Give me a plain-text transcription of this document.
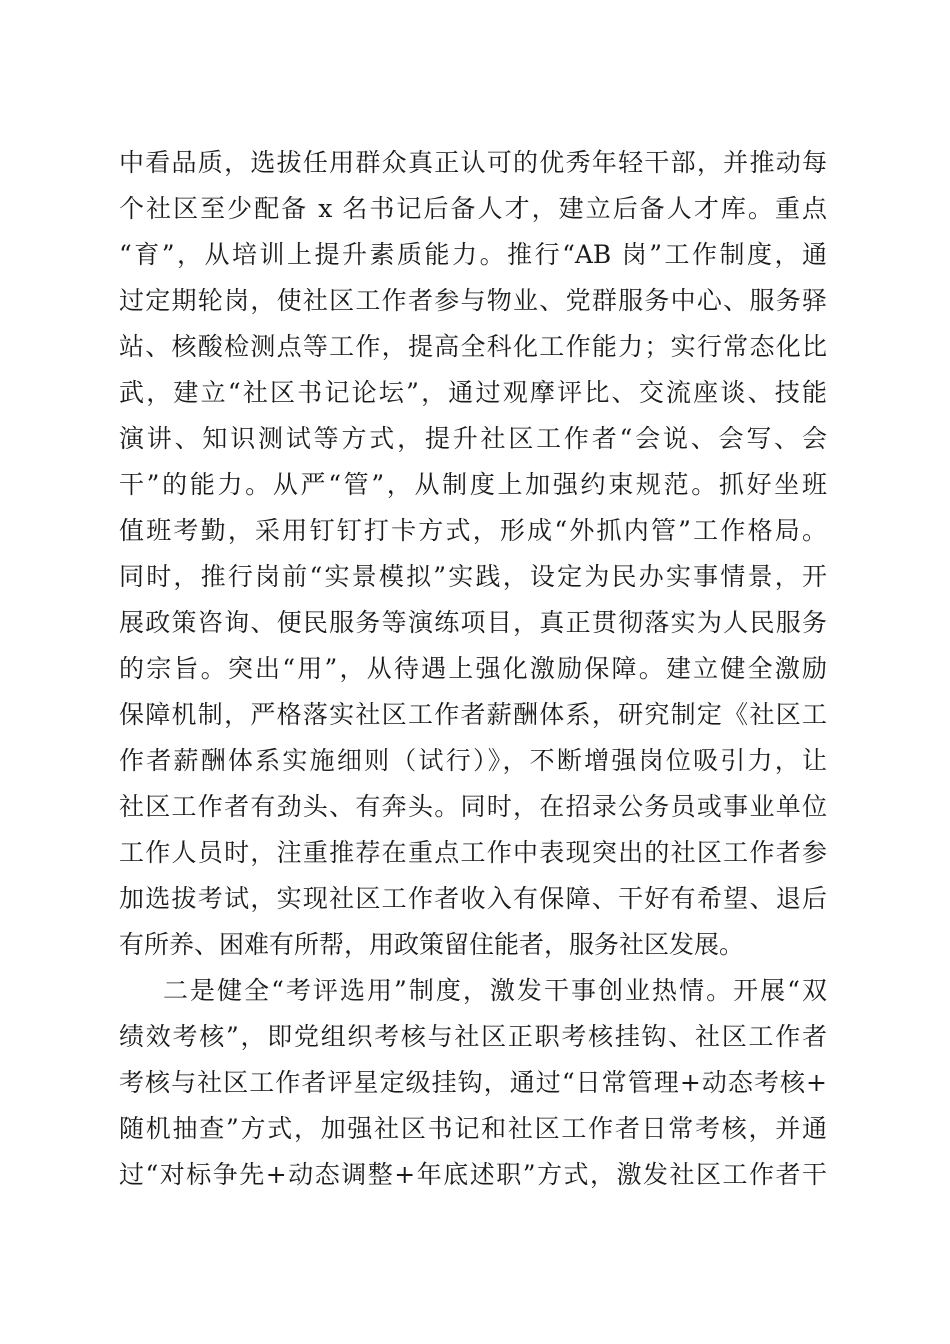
中看品质，选拔任用群众真正认可的优秀年轻干部，并推动每
个社区至少配备 x 名书记后备人才，建立后备人才库。重点
“育”，从培训上提升素质能力。推行“AB 岗”工作制度，通
过定期轮岗，使社区工作者参与物业、党群服务中心、服务驿
站、核酸检测点等工作，提高全科化工作能力；实行常态化比
武，建立“社区书记论坛”，通过观摩评比、交流座谈、技能
演讲、知识测试等方式，提升社区工作者“会说、会写、会
干”的能力。从严“管”，从制度上加强约束规范。抓好坐班
值班考勤，采用钉钉打卡方式，形成“外抓内管”工作格局。
同时，推行岗前“实景模拟”实践，设定为民办实事情景，开
展政策咨询、便民服务等演练项目，真正贯彻落实为人民服务
的宗旨。突出“用”，从待遇上强化激励保障。建立健全激励
保障机制，严格落实社区工作者薪酬体系，研究制定《社区工
作者薪酬体系实施细则（试行）》，不断增强岗位吸引力，让
社区工作者有劲头、有奔头。同时，在招录公务员或事业单位
工作人员时，注重推荐在重点工作中表现突出的社区工作者参
加选拔考试，实现社区工作者收入有保障、干好有希望、退后
有所养、困难有所帮，用政策留住能者，服务社区发展。
二是健全“考评选用”制度，激发干事创业热情。开展“双
绩效考核”，即党组织考核与社区正职考核挂钩、社区工作者
考核与社区工作者评星定级挂钩，通过“日常管理+动态考核+
随机抽查”方式，加强社区书记和社区工作者日常考核，并通
过“对标争先+动态调整+年底述职”方式，激发社区工作者干
